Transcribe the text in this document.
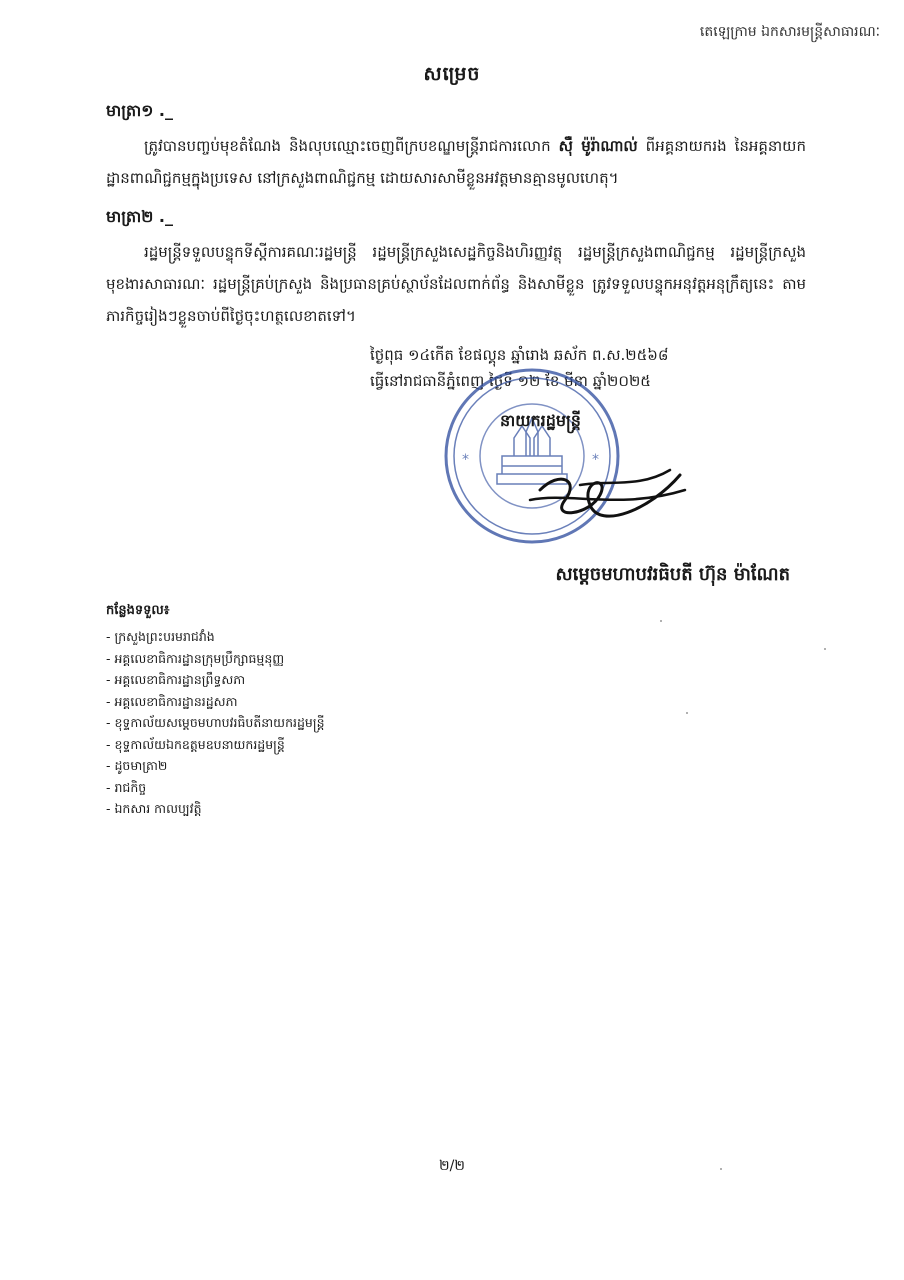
តេឡេក្រាម ឯកសារមន្ត្រីសាធារណៈ
សម្រេច
មាត្រា១ ._
ត្រូវបានបញ្ចប់មុខតំណែង និងលុបឈ្មោះចេញពីក្របខណ្ឌមន្ត្រីរាជការលោក ស៊ឺ ម៉ូរ៉ាណាល់ ពីអគ្គនាយករង នៃអគ្គនាយកដ្ឋានពាណិជ្ជកម្មក្នុងប្រទេស នៅក្រសួងពាណិជ្ជកម្ម ដោយសារសាមីខ្លួនអវត្តមានគ្មានមូលហេតុ។
មាត្រា២ ._
រដ្ឋមន្ត្រីទទួលបន្ទុកទីស្តីការគណៈរដ្ឋមន្ត្រី រដ្ឋមន្ត្រីក្រសួងសេដ្ឋកិច្ចនិងហិរញ្ញវត្ថុ រដ្ឋមន្ត្រីក្រសួងពាណិជ្ជកម្ម រដ្ឋមន្ត្រីក្រសួងមុខងារសាធារណៈ រដ្ឋមន្ត្រីគ្រប់ក្រសួង និងប្រធានគ្រប់ស្ថាប័នដែលពាក់ព័ន្ធ និងសាមីខ្លួន ត្រូវទទួលបន្ទុកអនុវត្តអនុក្រឹត្យនេះ តាមភារកិច្ចរៀងៗខ្លួនចាប់ពីថ្ងៃចុះហត្ថលេខាតទៅ។
ថ្ងៃពុធ ១៤កើត ខែផល្គុន ឆ្នាំរោង ឆស័ក ព.ស.២៥៦៨
ធ្វើនៅរាជធានីភ្នំពេញ ថ្ងៃទី ១២ ខែ មីនា ឆ្នាំ២០២៥
*	*
នាយករដ្ឋមន្ត្រី
សម្តេចមហាបវរធិបតី ហ៊ុន ម៉ាណែត
កន្លែងទទួល៖
- ក្រសួងព្រះបរមរាជវាំង
- អគ្គលេខាធិការដ្ឋានក្រុមប្រឹក្សាធម្មនុញ្ញ
- អគ្គលេខាធិការដ្ឋានព្រឹទ្ធសភា
- អគ្គលេខាធិការដ្ឋានរដ្ឋសភា
- ខុទ្ទកាល័យសម្តេចមហាបវរធិបតីនាយករដ្ឋមន្ត្រី
- ខុទ្ទកាល័យឯកឧត្តមឧបនាយករដ្ឋមន្ត្រី
- ដូចមាត្រា២
- រាជកិច្ច
- ឯកសារ កាលប្បវត្តិ
២/២
